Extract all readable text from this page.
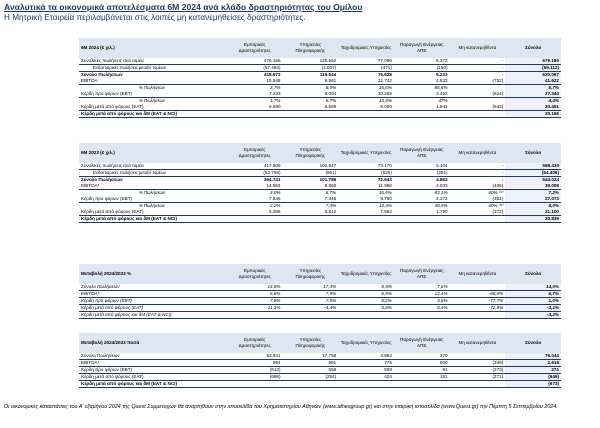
Αναλυτικά τα οικονομικά αποτελέσματα 6Μ 2024 ανά κλάδο δραστηριότητας του Ομίλου
Η Μητρική Εταιρεία περιλαμβάνεται στις λοιπές μη κατανεμηθείσες δραστηριότητες.
6Μ 2024 (€ χιλ.)	Εμπορικές Δραστηριότητες	Υπηρεσίες Πληροφορικής	Ταχυδρομικές Υπηρεσίες	Παραγωγή Ενέργειας ΑΠΕ	Μη κατανεμηθέντα	Σύνολο
Συνολικές πωλήσεις ανά τομέα	476.156	120.552	77.099	5.373	-	679.180
Ενδοεταιρικές πωλήσεις μεταξύ τομέων	(57.484)	(1.007)	(471)	(150)	-	(59.112)
Σύνολο Πωλήσεων	418.672	119.544	76.628	5.223	-	620.067
EBITDA	15.548	9.561	12.742	4.533	(752)	41.622
% Πωλήσεων	3,7%	8,0%	16,6%	86,8%		6,7%
Κέρδη προ φόρων (EBT)	7.233	8.004	10.269	2.462	(624)	27.344
% Πωλήσεων	1,7%	6,7%	13,4%	47%		4,4%
Κέρδη μετά από φόρους (ΕΑΤ)	5.590	5.559	8.005	1.941	(643)	20.451
Κέρδη μετά από φόρους και δΜ (EAT & NCI)						20.166
6Μ 2023 (€ χιλ.)	Εμπορικές Δραστηριότητες	Υπηρεσίες Πληροφορικής	Ταχυδρομικές Υπηρεσίες	Παραγωγή Ενέργειας ΑΠΕ	Μη κατανεμηθέντα	Σύνολο
Συνολικές πωλήσεις ανά τομέα	417.508	102.647	73.170	5.104	-	598.430
Ενδοεταιρικές πωλήσεις μεταξύ τομέων	(52.768)	(861)	(526)	(251)	-	(54.406)
Σύνολο Πωλήσεων	364.741	101.786	72.643	4.853	-	544.024
EBITDA*	14.553	8.860	11.968	4.033	(406)	39.008
% Πωλήσεων	4,0%	8,7%	16,5%	83,1%	40% ⁽ᶦᵛ⁾	7,2%
Κέρδη προ φόρων (EBT)	7.846	7.446	9.760	2.372	(351)	27.073
% Πωλήσεων	2,2%	7,3%	13,4%	48,9%	40% ⁽ᶦᵛ⁾	5,0%
Κέρδη μετά από φόρους (ΕΑΤ)	6.288	5.812	7.582	1.790	(372)	21.100
Κέρδη μετά από φόρους και δΜ (EAT & NCI)						20.839
Μεταβολή 2024/2023 %	Εμπορικές Δραστηριότητες	Υπηρεσίες Πληροφορικής	Ταχυδρομικές Υπηρεσίες	Παραγωγή Ενέργειας ΑΠΕ	Μη κατανεμηθέντα	Σύνολο
Σύνολο Πωλήσεων	14,8%	17,4%	5,5%	7,6%		14,0%
EBITDA*	6,8%	7,9%	6,5%	12,4%	-85,0%	6,7%
Κέρδη προ φόρων (EBT)	-7,8%	7,5%	5,2%	3,8%	-77,7%	1,0%
Κέρδη μετά από φόρους (ΕΑΤ)	-11,1%	-4,4%	5,6%	8,4%	-72,8%	-3,1%
Κέρδη μετά από φόρους και δΜ (EAT & NCI)						-3,2%
Μεταβολή 2024/2023 ποσά	Εμπορικές Δραστηριότητες	Υπηρεσίες Πληροφορικής	Ταχυδρομικές Υπηρεσίες	Παραγωγή Ενέργειας ΑΠΕ	Μη κατανεμηθέντα	Σύνολο
Σύνολο Πωλήσεων	53.931	17.758	3.984	370		76.044
EBITDA*	994	691	775	500	(345)	2.615
Κέρδη προ φόρων (EBT)	(613)	558	508	91	(273)	271
Κέρδη μετά από φόρους (ΕΑΤ)	(698)	(254)	424	151	(271)	(649)
Κέρδη μετά από φόρους και δΜ (EAT & NCI)						(673)
Οι οικονομικές καταστάσεις του Α' εξαμήνου 2024 της Quest Συμμετοχών θα αναρτηθούν στην ιστοσελίδα του Χρηματιστηρίου Αθηνών (www.athexgroup.gr) και στην εταιρική ιστοσελίδα (www.Quest.gr) την Πέμπτη 5 Σεπτεμβρίου 2024.
